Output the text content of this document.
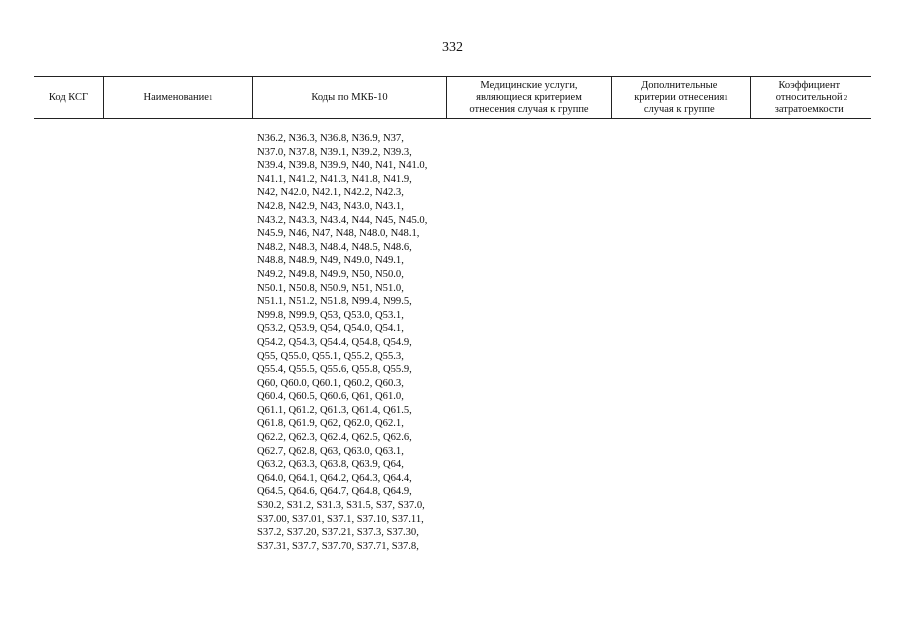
332
Код КСГ	Наименование 1	Коды по МКБ-10
Медицинские услуги,
являющиеся критерием
отнесения случая к группе
Дополнительные
критерии отнесения
случая к группе
1
Коэффициент
относительной
затратоемкости
2
N36.2, N36.3, N36.8, N36.9, N37,
N37.0, N37.8, N39.1, N39.2, N39.3,
N39.4, N39.8, N39.9, N40, N41, N41.0,
N41.1, N41.2, N41.3, N41.8, N41.9,
N42, N42.0, N42.1, N42.2, N42.3,
N42.8, N42.9, N43, N43.0, N43.1,
N43.2, N43.3, N43.4, N44, N45, N45.0,
N45.9, N46, N47, N48, N48.0, N48.1,
N48.2, N48.3, N48.4, N48.5, N48.6,
N48.8, N48.9, N49, N49.0, N49.1,
N49.2, N49.8, N49.9, N50, N50.0,
N50.1, N50.8, N50.9, N51, N51.0,
N51.1, N51.2, N51.8, N99.4, N99.5,
N99.8, N99.9, Q53, Q53.0, Q53.1,
Q53.2, Q53.9, Q54, Q54.0, Q54.1,
Q54.2, Q54.3, Q54.4, Q54.8, Q54.9,
Q55, Q55.0, Q55.1, Q55.2, Q55.3,
Q55.4, Q55.5, Q55.6, Q55.8, Q55.9,
Q60, Q60.0, Q60.1, Q60.2, Q60.3,
Q60.4, Q60.5, Q60.6, Q61, Q61.0,
Q61.1, Q61.2, Q61.3, Q61.4, Q61.5,
Q61.8, Q61.9, Q62, Q62.0, Q62.1,
Q62.2, Q62.3, Q62.4, Q62.5, Q62.6,
Q62.7, Q62.8, Q63, Q63.0, Q63.1,
Q63.2, Q63.3, Q63.8, Q63.9, Q64,
Q64.0, Q64.1, Q64.2, Q64.3, Q64.4,
Q64.5, Q64.6, Q64.7, Q64.8, Q64.9,
S30.2, S31.2, S31.3, S31.5, S37, S37.0,
S37.00, S37.01, S37.1, S37.10, S37.11,
S37.2, S37.20, S37.21, S37.3, S37.30,
S37.31, S37.7, S37.70, S37.71, S37.8,
